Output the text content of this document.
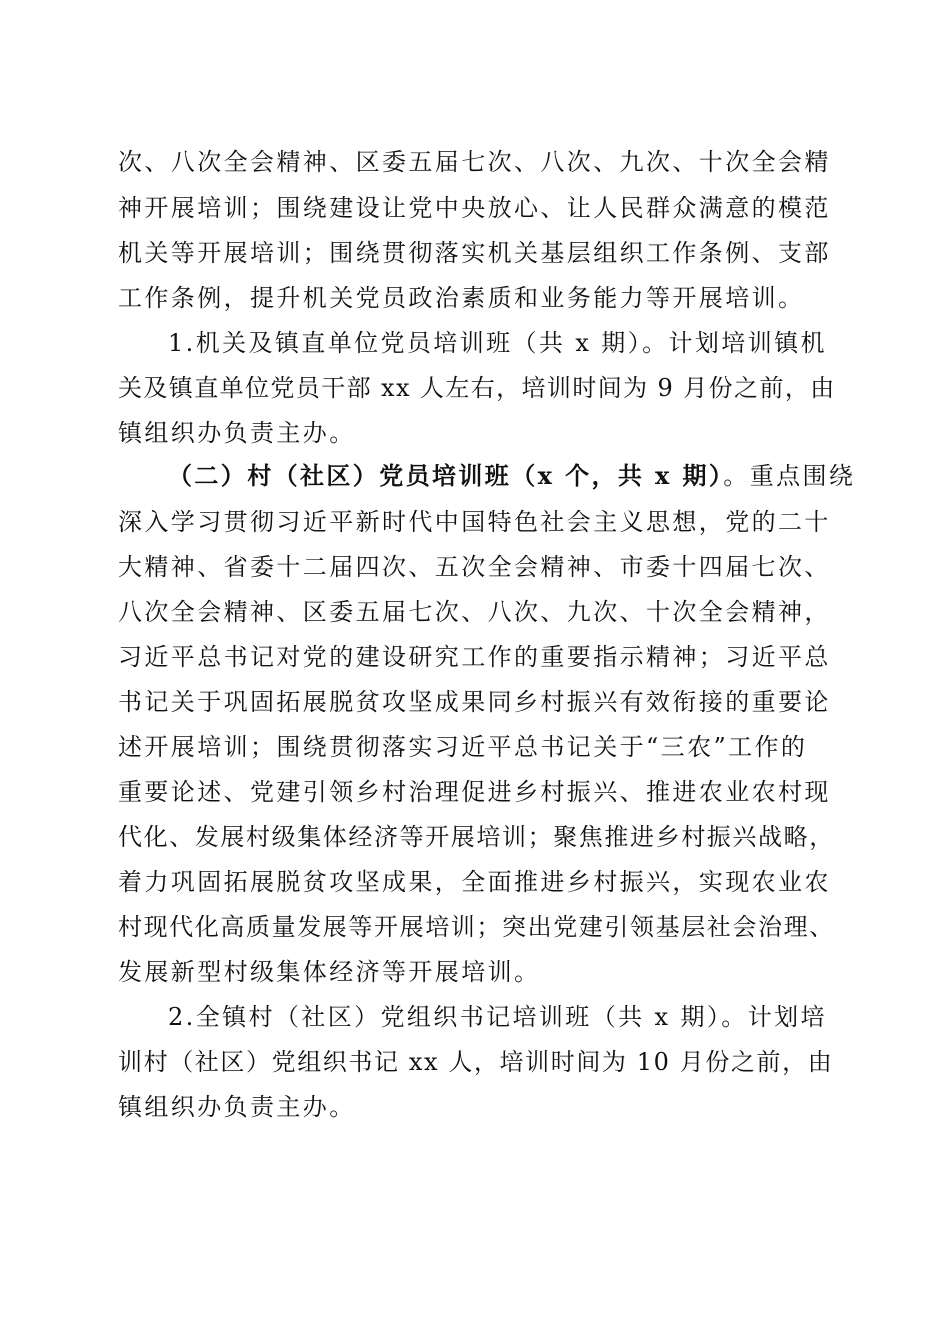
次、八次全会精神、区委五届七次、八次、九次、十次全会精
神开展培训；围绕建设让党中央放心、让人民群众满意的模范
机关等开展培训；围绕贯彻落实机关基层组织工作条例、支部
工作条例，提升机关党员政治素质和业务能力等开展培训。
1.机关及镇直单位党员培训班（共 x 期）。计划培训镇机
关及镇直单位党员干部 xx 人左右，培训时间为 9 月份之前，由
镇组织办负责主办。
（二）村（社区）党员培训班（x 个，共 x 期）。重点围绕
深入学习贯彻习近平新时代中国特色社会主义思想，党的二十
大精神、省委十二届四次、五次全会精神、市委十四届七次、
八次全会精神、区委五届七次、八次、九次、十次全会精神，
习近平总书记对党的建设研究工作的重要指示精神；习近平总
书记关于巩固拓展脱贫攻坚成果同乡村振兴有效衔接的重要论
述开展培训；围绕贯彻落实习近平总书记关于“三农”工作的
重要论述、党建引领乡村治理促进乡村振兴、推进农业农村现
代化、发展村级集体经济等开展培训；聚焦推进乡村振兴战略，
着力巩固拓展脱贫攻坚成果，全面推进乡村振兴，实现农业农
村现代化高质量发展等开展培训；突出党建引领基层社会治理、
发展新型村级集体经济等开展培训。
2.全镇村（社区）党组织书记培训班（共 x 期）。计划培
训村（社区）党组织书记 xx 人，培训时间为 10 月份之前，由
镇组织办负责主办。
